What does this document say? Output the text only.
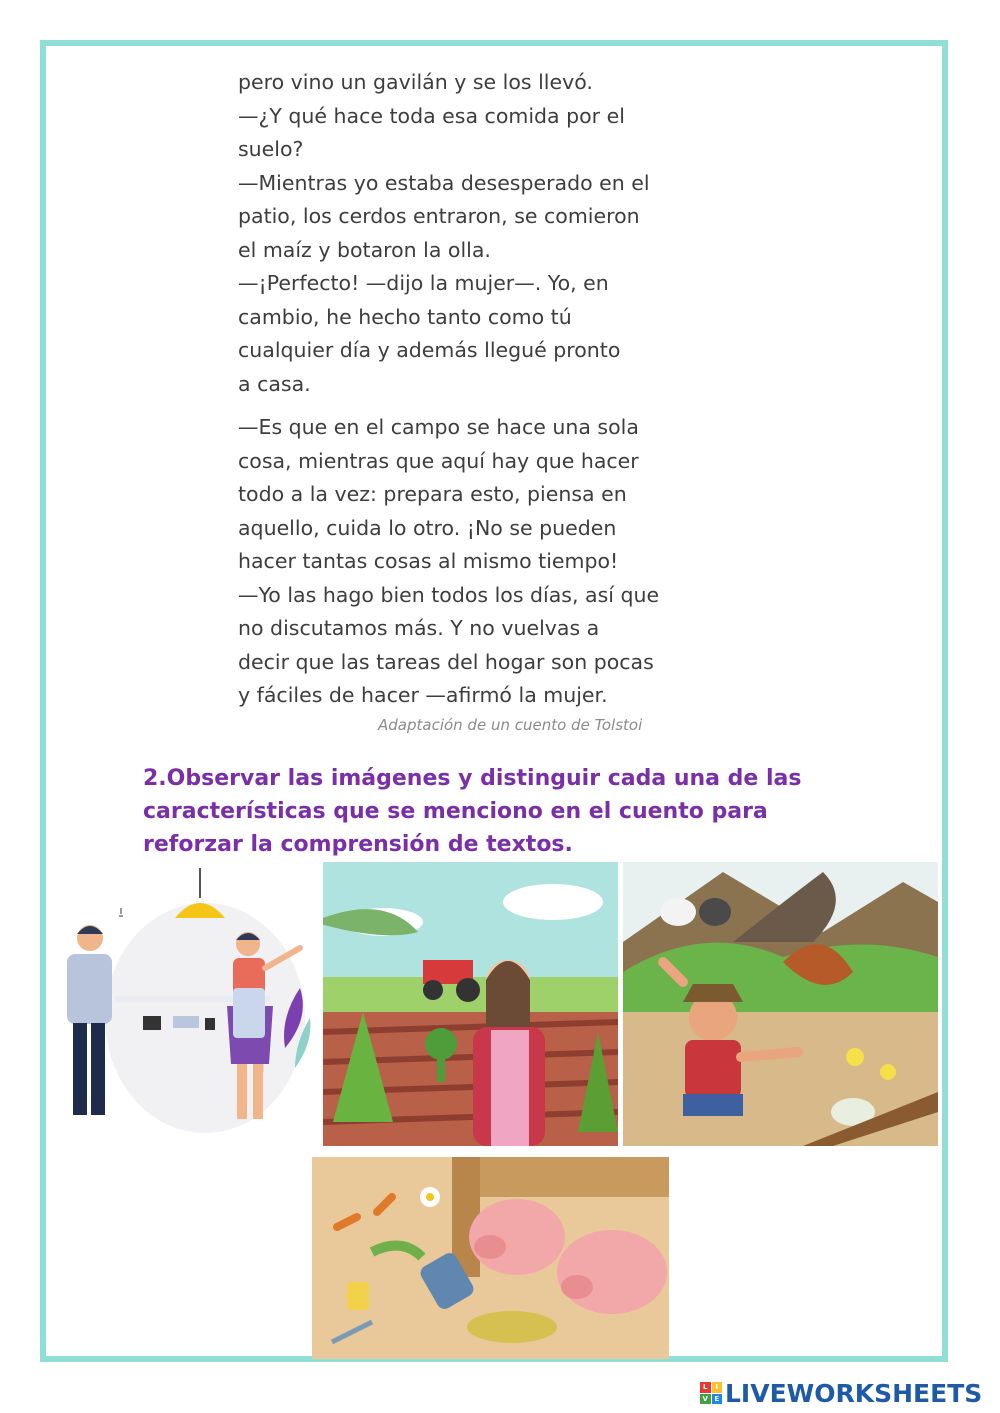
pero vino un gavilán y se los llevó.
—¿Y qué hace toda esa comida por el
suelo?
—Mientras yo estaba desesperado en el
patio, los cerdos entraron, se comieron
el maíz y botaron la olla.
—¡Perfecto! —dijo la mujer—. Yo, en
cambio, he hecho tanto como tú
cualquier día y además llegué pronto
a casa.
—Es que en el campo se hace una sola
cosa, mientras que aquí hay que hacer
todo a la vez: prepara esto, piensa en
aquello, cuida lo otro. ¡No se pueden
hacer tantas cosas al mismo tiempo!
—Yo las hago bien todos los días, así que
no discutamos más. Y no vuelvas a
decir que las tareas del hogar son pocas
y fáciles de hacer —afirmó la mujer.
Adaptación de un cuento de Tolstoi
2.Observar las imágenes y distinguir cada una de las
características que se menciono en el cuento para
reforzar la comprensión de textos.
L	I
V E LIVEWORKSHEETS
